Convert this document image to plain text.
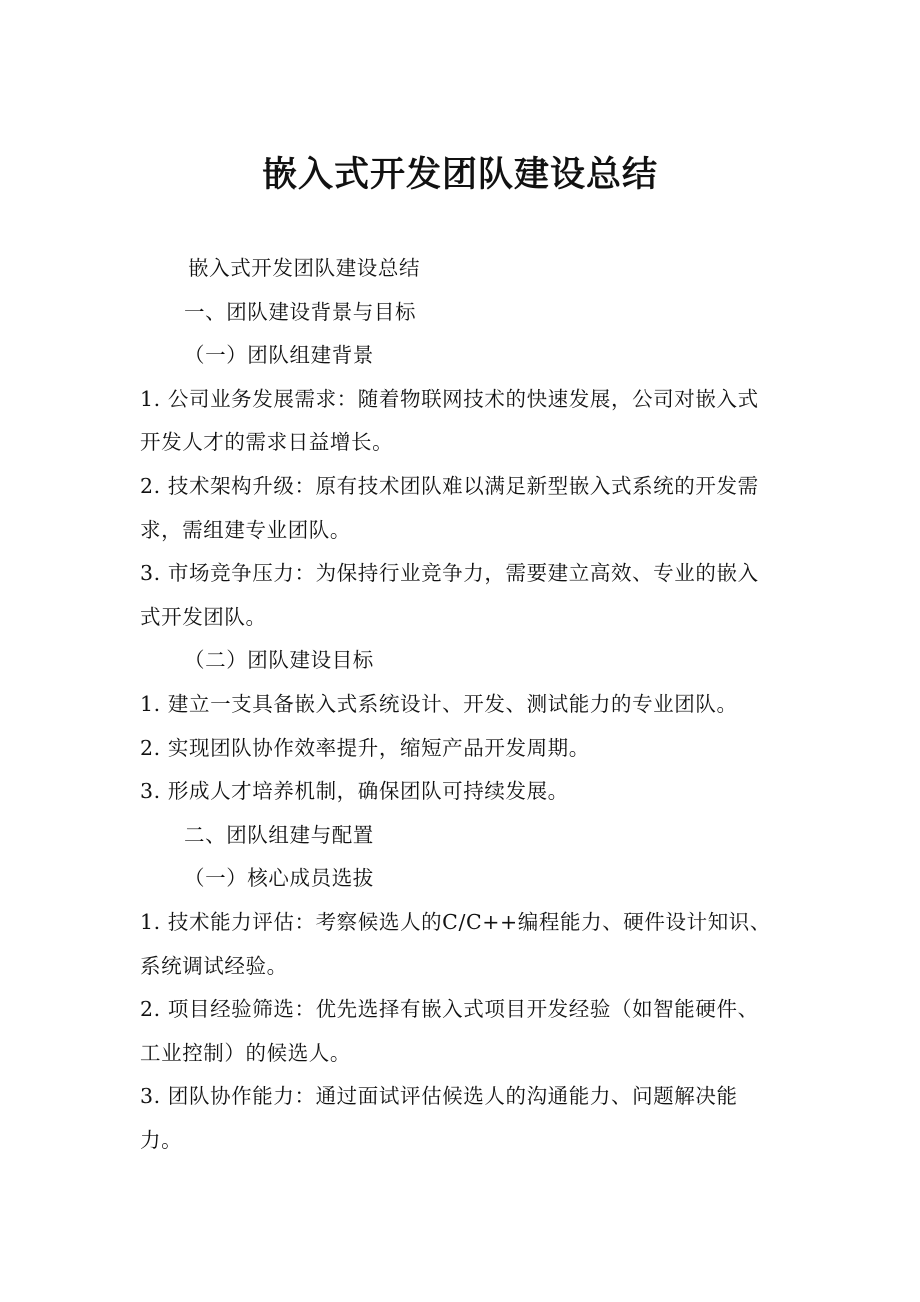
嵌入式开发团队建设总结
嵌入式开发团队建设总结
一、团队建设背景与目标
（一）团队组建背景
1. 公司业务发展需求：随着物联网技术的快速发展，公司对嵌入式
开发人才的需求日益增长。
2. 技术架构升级：原有技术团队难以满足新型嵌入式系统的开发需
求，需组建专业团队。
3. 市场竞争压力：为保持行业竞争力，需要建立高效、专业的嵌入
式开发团队。
（二）团队建设目标
1. 建立一支具备嵌入式系统设计、开发、测试能力的专业团队。
2. 实现团队协作效率提升，缩短产品开发周期。
3. 形成人才培养机制，确保团队可持续发展。
二、团队组建与配置
（一）核心成员选拔
1. 技术能力评估：考察候选人的C/C++编程能力、硬件设计知识、
系统调试经验。
2. 项目经验筛选：优先选择有嵌入式项目开发经验（如智能硬件、
工业控制）的候选人。
3. 团队协作能力：通过面试评估候选人的沟通能力、问题解决能
力。
